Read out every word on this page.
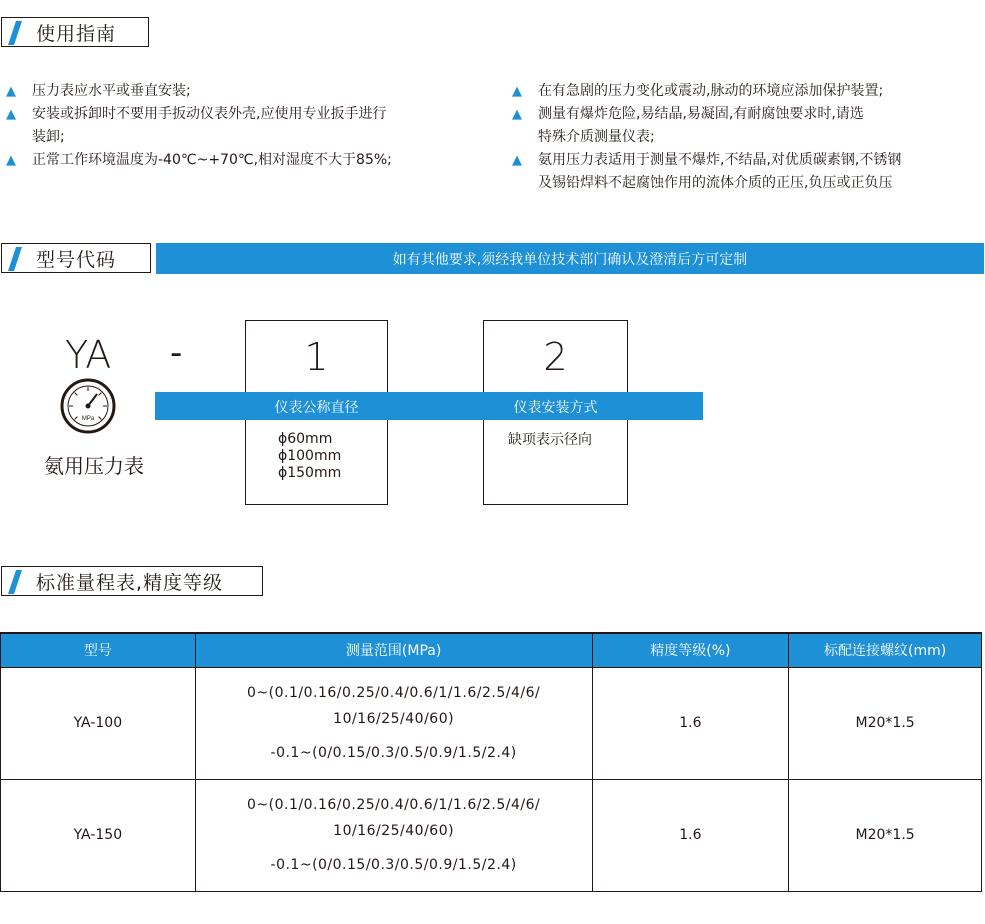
使用指南
▲	压力表应水平或垂直安装;
▲	安装或拆卸时不要用手扳动仪表外壳,应使用专业扳手进行
装卸;
▲	正常工作环境温度为-40℃~+70℃,相对湿度不大于85%;
▲	在有急剧的压力变化或震动,脉动的环境应添加保护装置;
▲	测量有爆炸危险,易结晶,易凝固,有耐腐蚀要求时,请选
特殊介质测量仪表;
▲	氨用压力表适用于测量不爆炸,不结晶,对优质碳素钢,不锈钢
及锡铅焊料不起腐蚀作用的流体介质的正压,负压或正负压
型号代码	如有其他要求,须经我单位技术部门确认及澄清后方可定制
YA -
MPa
氨用压力表
1
ϕ60mm
ϕ100mm
ϕ150mm
2
缺项表示径向
仪表公称直径	仪表安装方式
标准量程表,精度等级
型号	测量范围(MPa)	精度等级(%)	标配连接螺纹(mm)
YA-100	0~(0.1/0.16/0.25/0.4/0.6/1/1.6/2.5/4/6/
10/16/25/40/60)
-0.1~(0/0.15/0.3/0.5/0.9/1.5/2.4)	1.6	M20*1.5
YA-150	0~(0.1/0.16/0.25/0.4/0.6/1/1.6/2.5/4/6/
10/16/25/40/60)
-0.1~(0/0.15/0.3/0.5/0.9/1.5/2.4)	1.6	M20*1.5
